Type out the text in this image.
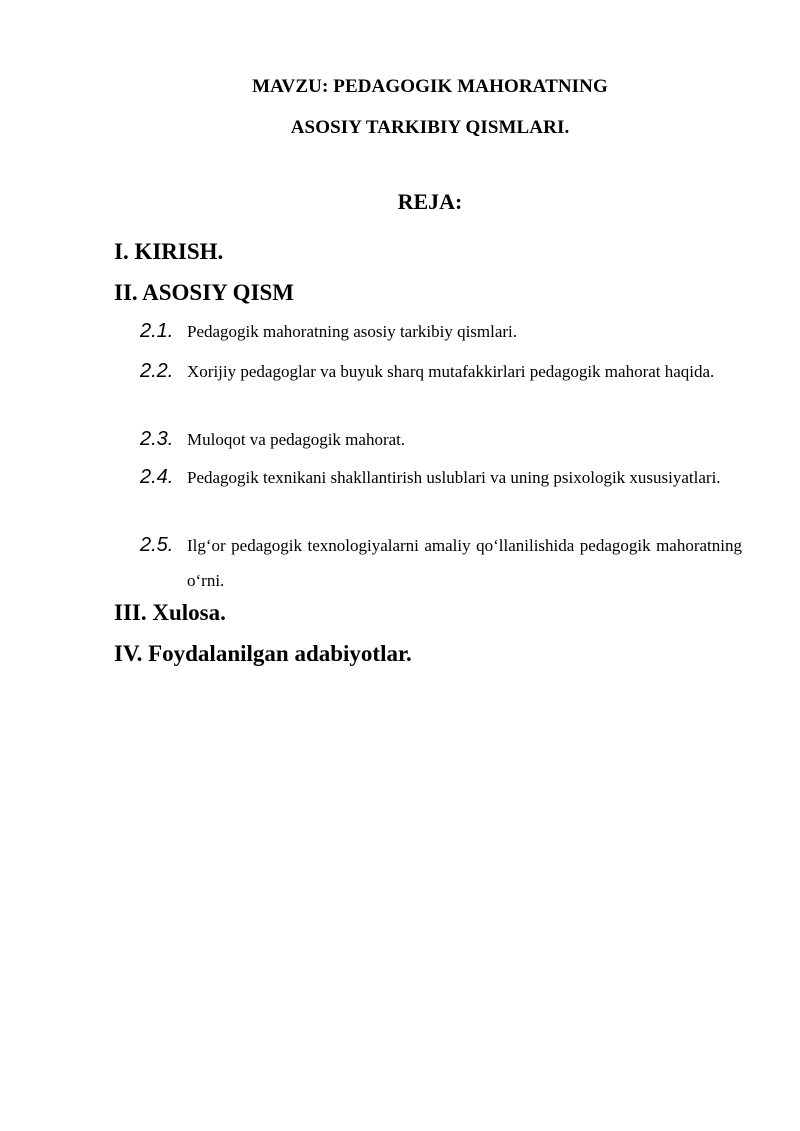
MAVZU: PEDAGOGIK MAHORATNING
ASOSIY TARKIBIY QISMLARI.
REJA:
I. KIRISH.
II. ASOSIY QISM
2.1. Pedagogik mahoratning asosiy tarkibiy qismlari.
2.2. Xorijiy pedagoglar va buyuk sharq mutafakkirlari pedagogik mahorat haqida.
2.3. Muloqot va pedagogik mahorat.
2.4. Pedagogik texnikani shakllantirish uslublari va uning psixologik xususiyatlari.
2.5. Ilg‘or pedagogik texnologiyalarni amaliy qo‘llanilishida pedagogik mahoratning o‘rni.
III. Xulosa.
IV. Foydalanilgan adabiyotlar.
